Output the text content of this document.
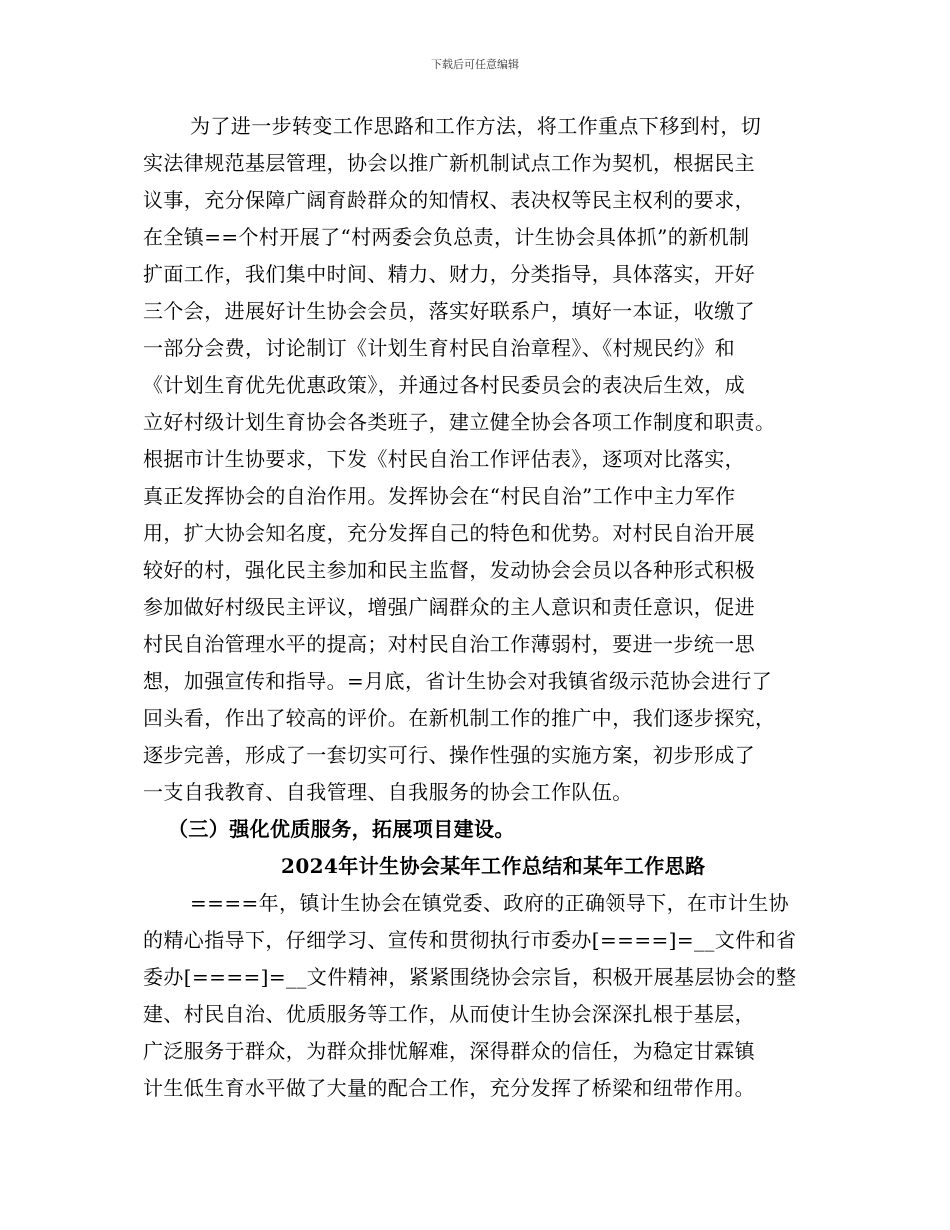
下载后可任意编辑
为了进一步转变工作思路和工作方法，将工作重点下移到村，切
实法律规范基层管理，协会以推广新机制试点工作为契机，根据民主
议事，充分保障广阔育龄群众的知情权、表决权等民主权利的要求，
在全镇==个村开展了“村两委会负总责，计生协会具体抓”的新机制
扩面工作，我们集中时间、精力、财力，分类指导，具体落实，开好
三个会，进展好计生协会会员，落实好联系户，填好一本证，收缴了
一部分会费，讨论制订《计划生育村民自治章程》、《村规民约》和
《计划生育优先优惠政策》，并通过各村民委员会的表决后生效，成
立好村级计划生育协会各类班子，建立健全协会各项工作制度和职责。
根据市计生协要求，下发《村民自治工作评估表》，逐项对比落实，
真正发挥协会的自治作用。发挥协会在“村民自治”工作中主力军作
用，扩大协会知名度，充分发挥自己的特色和优势。对村民自治开展
较好的村，强化民主参加和民主监督，发动协会会员以各种形式积极
参加做好村级民主评议，增强广阔群众的主人意识和责任意识，促进
村民自治管理水平的提高；对村民自治工作薄弱村，要进一步统一思
想，加强宣传和指导。=月底，省计生协会对我镇省级示范协会进行了
回头看，作出了较高的评价。在新机制工作的推广中，我们逐步探究，
逐步完善，形成了一套切实可行、操作性强的实施方案，初步形成了
一支自我教育、自我管理、自我服务的协会工作队伍。
（三）强化优质服务，拓展项目建设。
2024年计生协会某年工作总结和某年工作思路
====年，镇计生协会在镇党委、政府的正确领导下，在市计生协
的精心指导下，仔细学习、宣传和贯彻执行市委办[====]=__文件和省
委办[====]=__文件精神，紧紧围绕协会宗旨，积极开展基层协会的整
建、村民自治、优质服务等工作，从而使计生协会深深扎根于基层，
广泛服务于群众，为群众排忧解难，深得群众的信任，为稳定甘霖镇
计生低生育水平做了大量的配合工作，充分发挥了桥梁和纽带作用。
